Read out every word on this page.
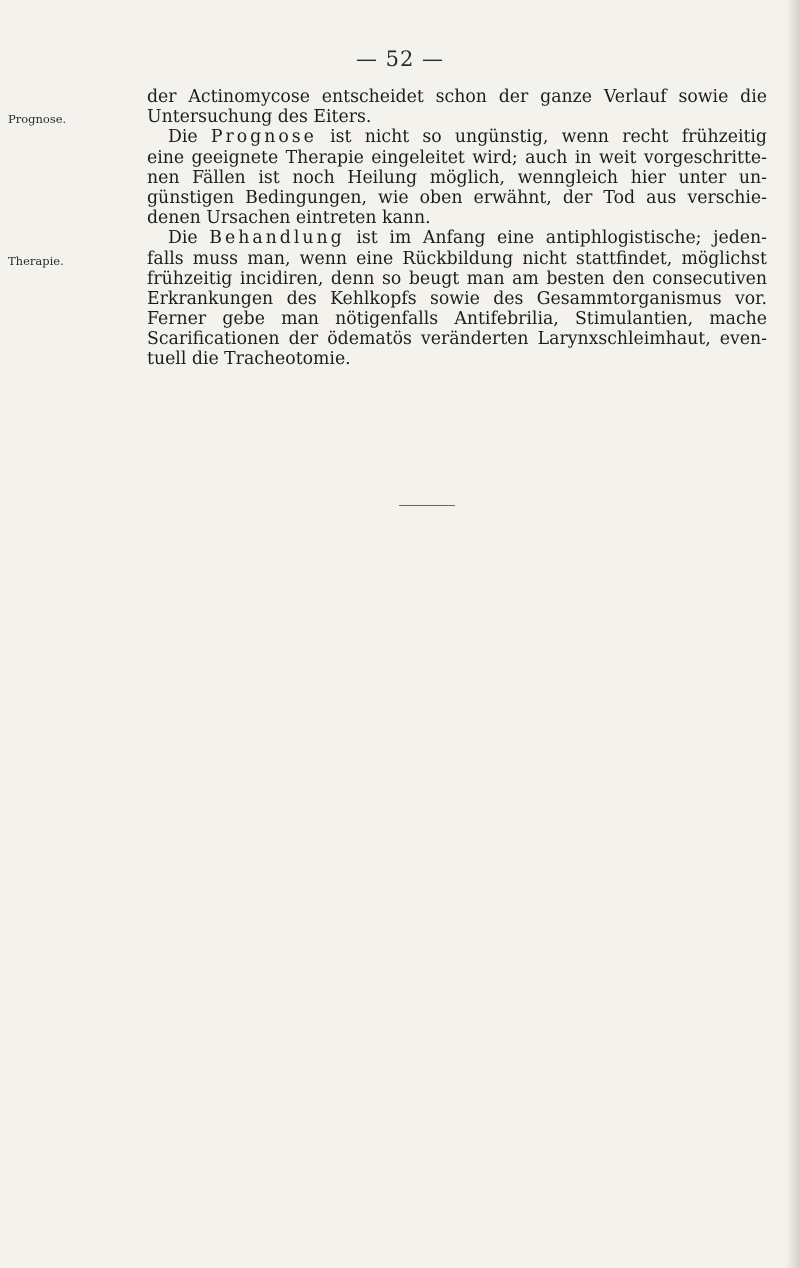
— 52 —
Prognose.
Therapie.
der Actinomycose entscheidet schon der ganze Verlauf sowie die
Untersuchung des Eiters.
Die Prognose ist nicht so ungünstig, wenn recht frühzeitig
eine geeignete Therapie eingeleitet wird; auch in weit vorgeschritte-
nen Fällen ist noch Heilung möglich, wenngleich hier unter un-
günstigen Bedingungen, wie oben erwähnt, der Tod aus verschie-
denen Ursachen eintreten kann.
Die Behandlung ist im Anfang eine antiphlogistische; jeden-
falls muss man, wenn eine Rückbildung nicht stattfindet, möglichst
frühzeitig incidiren, denn so beugt man am besten den consecutiven
Erkrankungen des Kehlkopfs sowie des Gesammtorganismus vor.
Ferner gebe man nötigenfalls Antifebrilia, Stimulantien, mache
Scarificationen der ödematös veränderten Larynxschleimhaut, even-
tuell die Tracheotomie.
